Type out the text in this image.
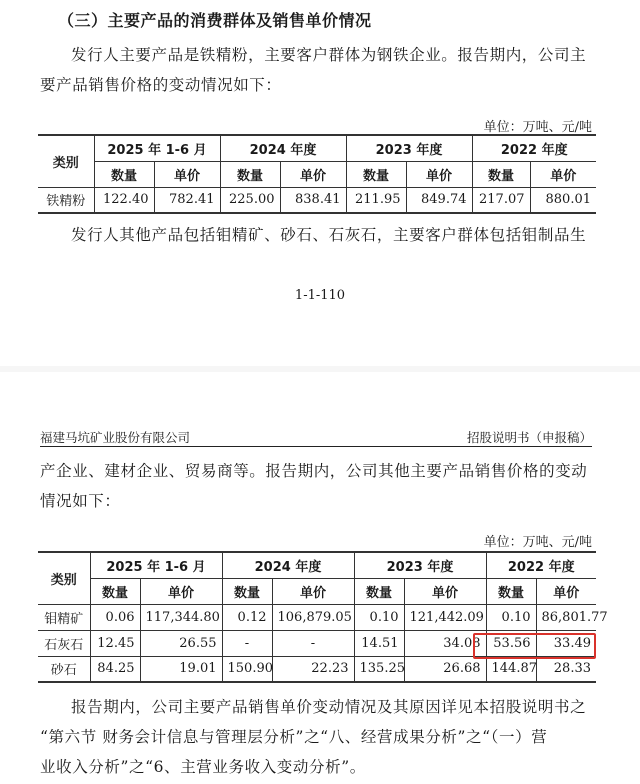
（三）主要产品的消费群体及销售单价情况
发行人主要产品是铁精粉，主要客户群体为钢铁企业。报告期内，公司主
要产品销售价格的变动情况如下：
单位：万吨、元/吨
类别	2025 年 1-6 月		2024 年度		2023 年度		2022 年度	
	数量	单价	数量	单价	数量	单价	数量	单价
铁精粉	122.40	782.41	225.00	838.41	211.95	849.74	217.07	880.01
发行人其他产品包括钼精矿、砂石、石灰石，主要客户群体包括钼制品生
1-1-110
福建马坑矿业股份有限公司	招股说明书（申报稿）
产企业、建材企业、贸易商等。报告期内，公司其他主要产品销售价格的变动
情况如下：
单位：万吨、元/吨
类别	2025 年 1-6 月		2024 年度		2023 年度		2022 年度	
	数量	单价	数量	单价	数量	单价	数量	单价
钼精矿	0.06	117,344.80	0.12	106,879.05	0.10	121,442.09	0.10	86,801.77
石灰石	12.45	26.55	-	-	14.51	34.08	53.56	33.49
砂石	84.25	19.01	150.90	22.23	135.25	26.68	144.87	28.33
报告期内，公司主要产品销售单价变动情况及其原因详见本招股说明书之
“第六节 财务会计信息与管理层分析”之“八、经营成果分析”之“（一）营
业收入分析”之“6、主营业务收入变动分析”。
